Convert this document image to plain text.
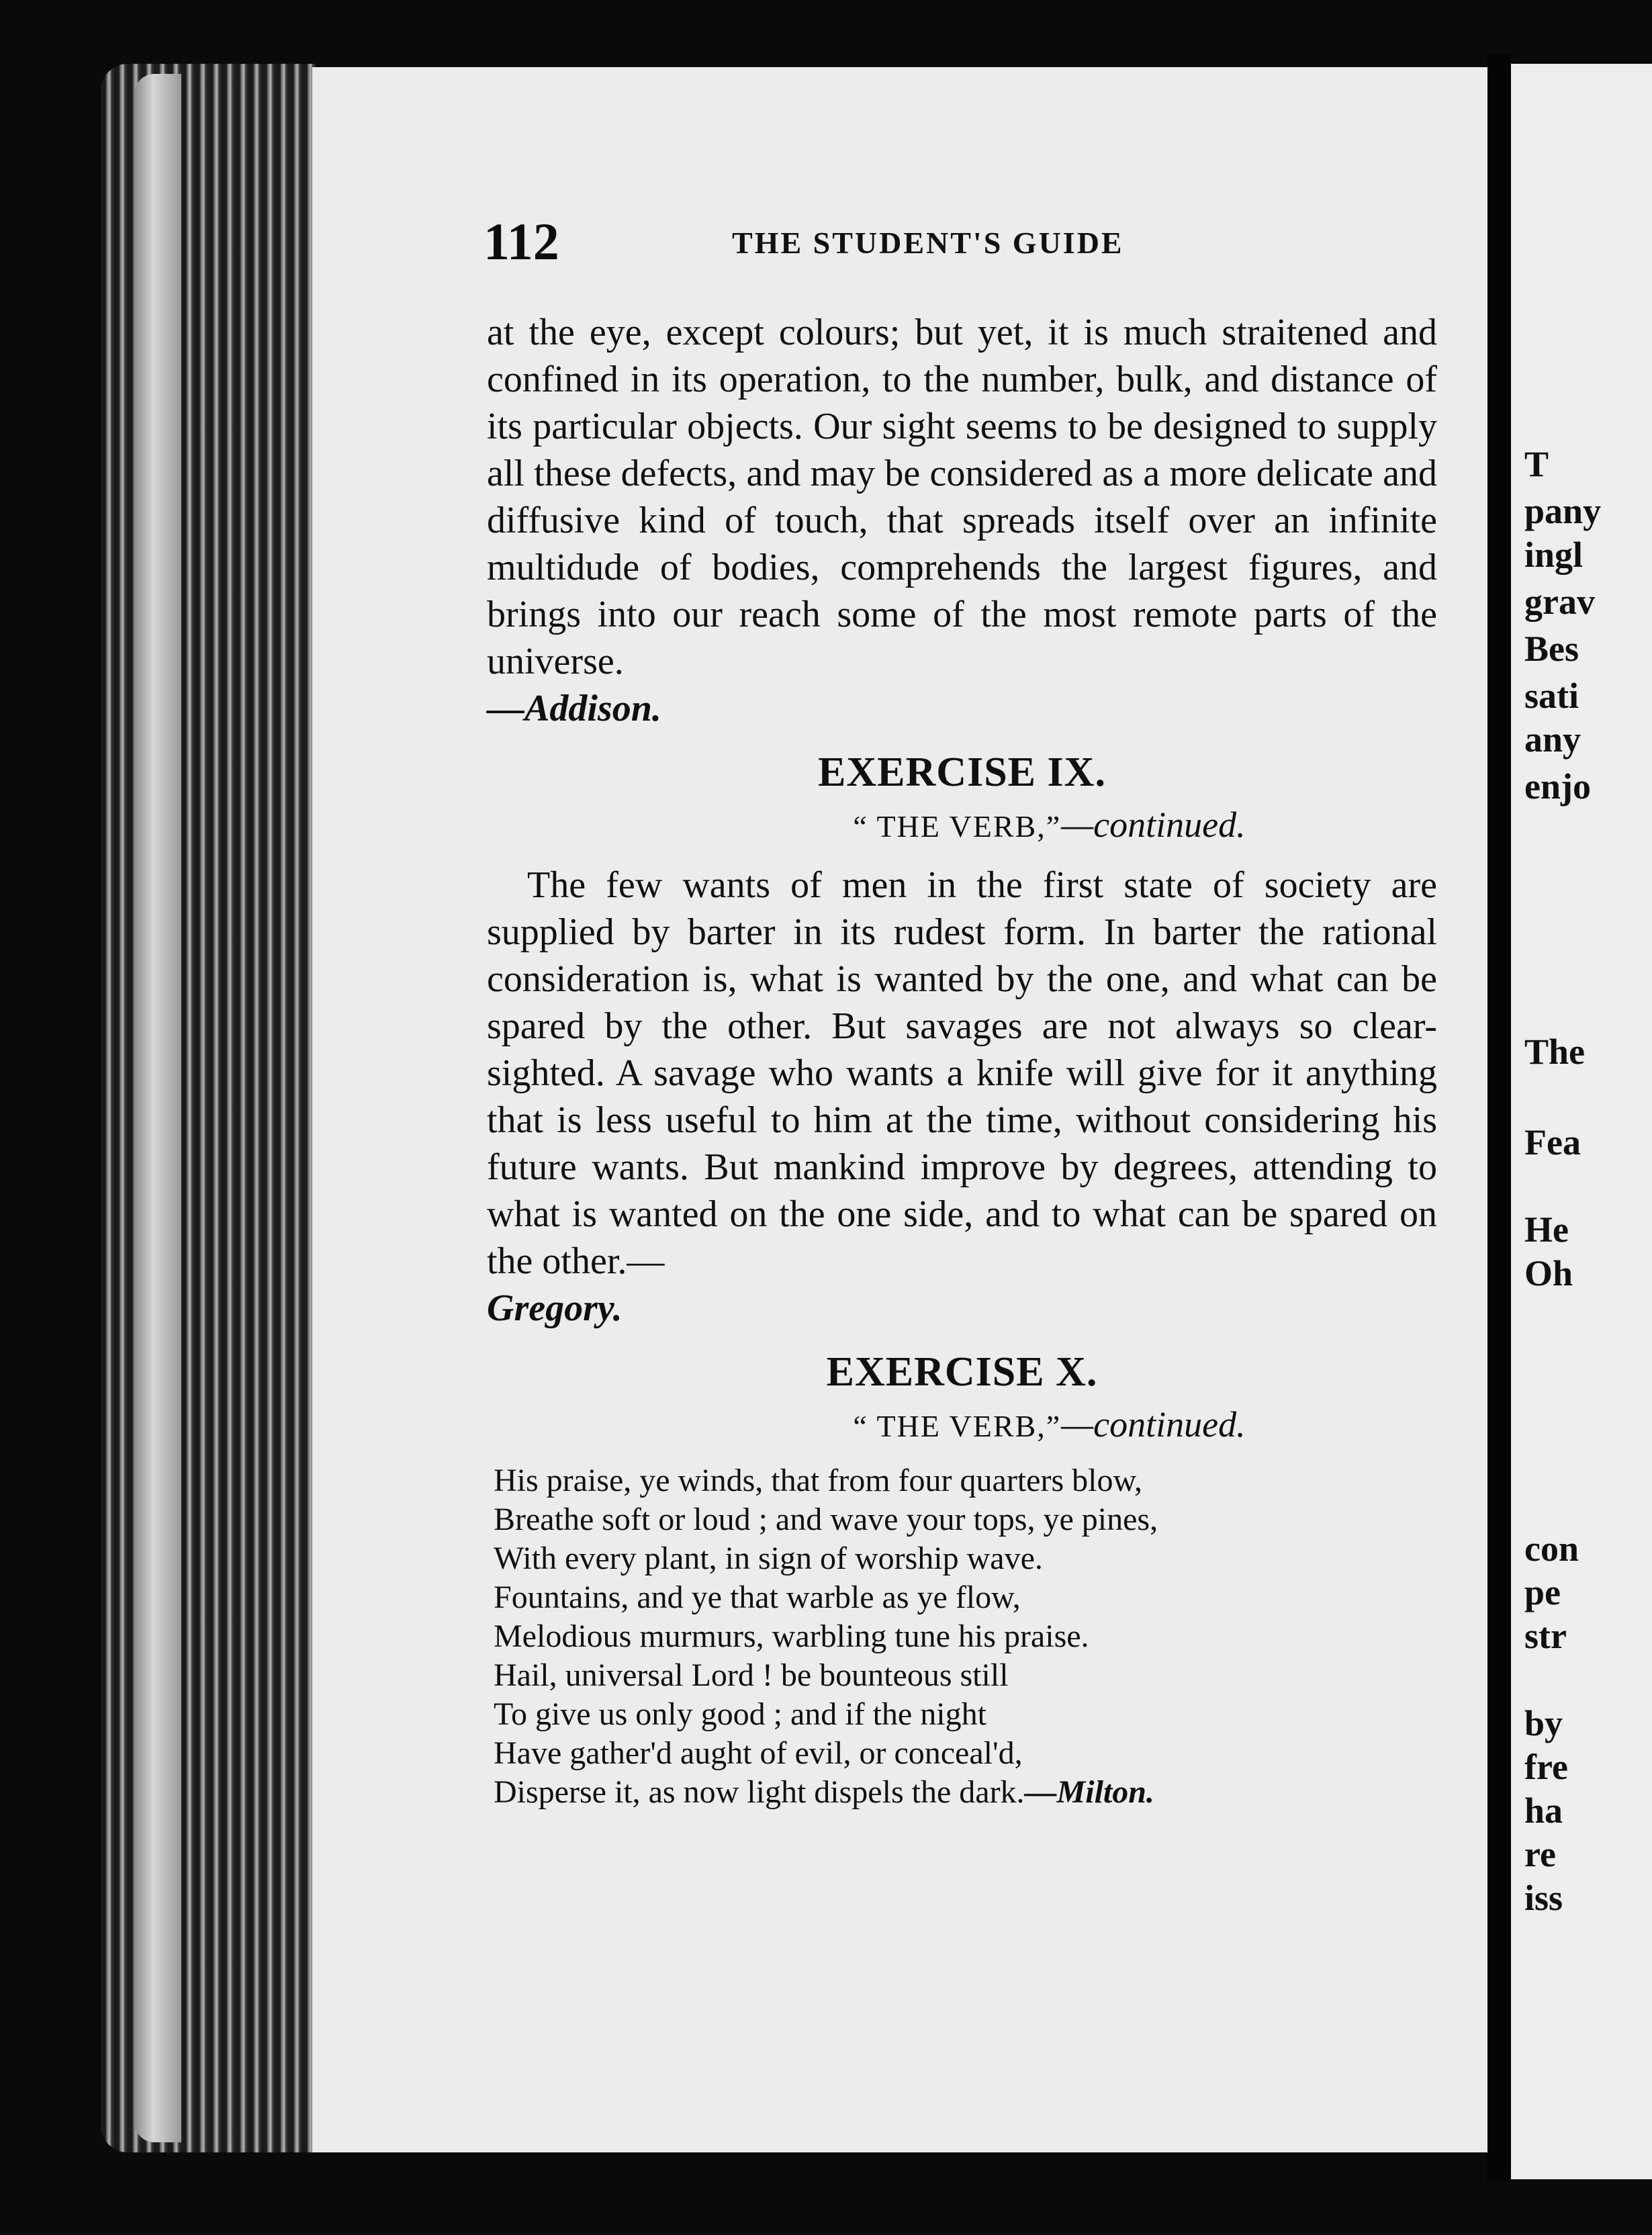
T
pany
ingl
grav
Bes
sati
any
enjo
The
Fea
He
Oh
con
pe
str
by
fre
ha
re
iss
112	THE STUDENT'S GUIDE

at the eye, except colours; but yet, it is much straitened and confined in its operation, to the number, bulk, and distance of its particular objects. Our sight seems to be designed to supply all these defects, and may be considered as a more delicate and diffusive kind of touch, that spreads itself over an infinite multidude of bodies, comprehends the largest figures, and brings into our reach some of the most remote parts of the universe.

—Addison.

EXERCISE IX.
“ THE VERB,”—continued.

The few wants of men in the first state of society are supplied by barter in its rudest form. In barter the rational consideration is, what is wanted by the one, and what can be spared by the other. But savages are not always so clear-sighted. A savage who wants a knife will give for it anything that is less useful to him at the time, without considering his future wants. But mankind improve by degrees, attending to what is wanted on the one side, and to what can be spared on the other.—

Gregory.

EXERCISE X.
“ THE VERB,”—continued.
His praise, ye winds, that from four quarters blow,
Breathe soft or loud ; and wave your tops, ye pines,
With every plant, in sign of worship wave.
Fountains, and ye that warble as ye flow,
Melodious murmurs, warbling tune his praise.
Hail, universal Lord ! be bounteous still
To give us only good ; and if the night
Have gather'd aught of evil, or conceal'd,
Disperse it, as now light dispels the dark.—Milton.
